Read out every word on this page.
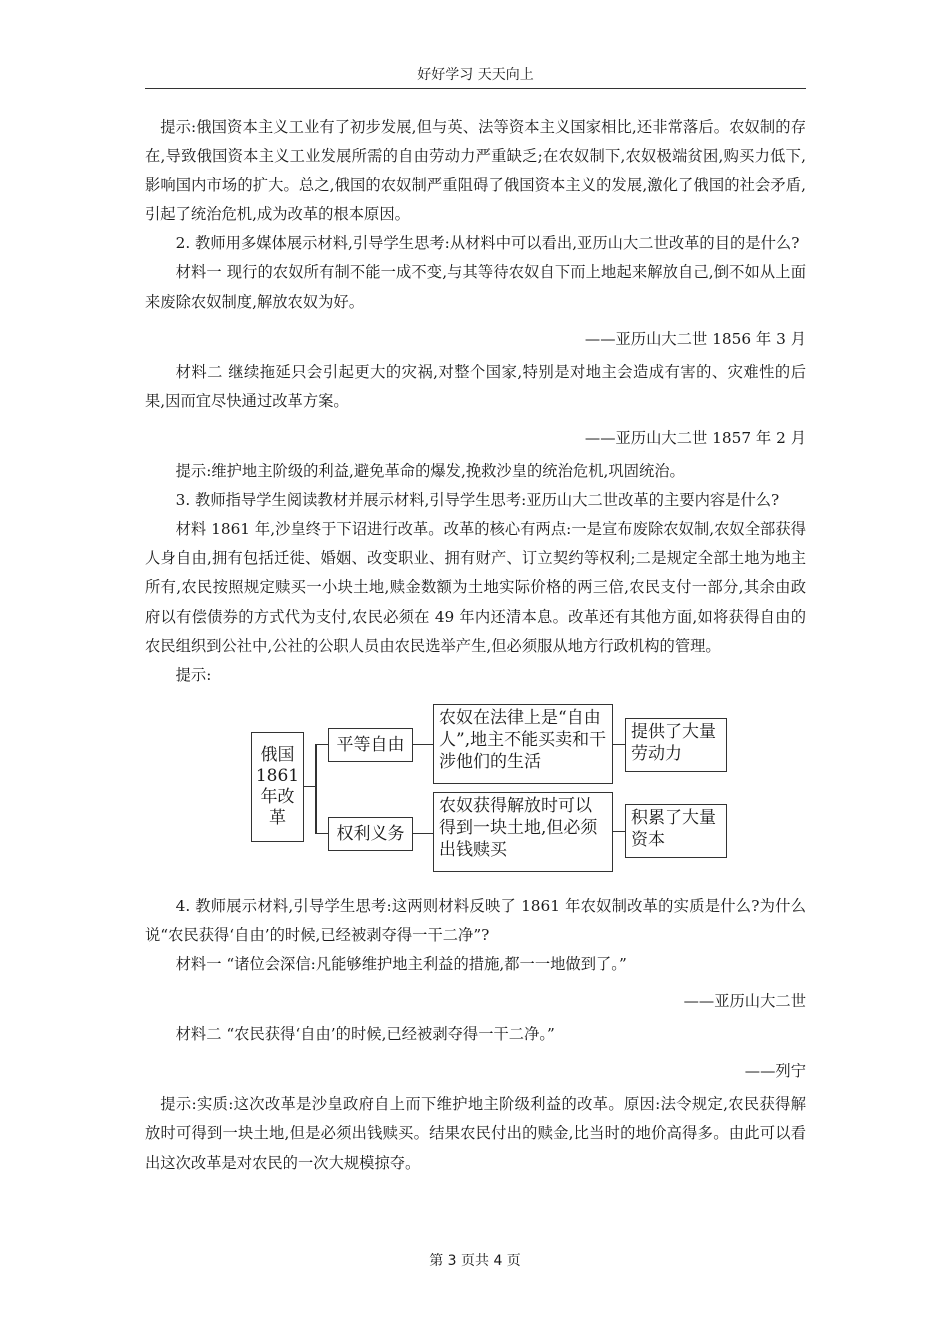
好好学习 天天向上

提示:俄国资本主义工业有了初步发展,但与英、法等资本主义国家相比,还非常落后。农奴制的存在,导致俄国资本主义工业发展所需的自由劳动力严重缺乏;在农奴制下,农奴极端贫困,购买力低下,影响国内市场的扩大。总之,俄国的农奴制严重阻碍了俄国资本主义的发展,激化了俄国的社会矛盾,引起了统治危机,成为改革的根本原因。

2. 教师用多媒体展示材料,引导学生思考:从材料中可以看出,亚历山大二世改革的目的是什么?

材料一 现行的农奴所有制不能一成不变,与其等待农奴自下而上地起来解放自己,倒不如从上面来废除农奴制度,解放农奴为好。

——亚历山大二世 1856 年 3 月

材料二 继续拖延只会引起更大的灾祸,对整个国家,特别是对地主会造成有害的、灾难性的后果,因而宜尽快通过改革方案。

——亚历山大二世 1857 年 2 月

提示:维护地主阶级的利益,避免革命的爆发,挽救沙皇的统治危机,巩固统治。

3. 教师指导学生阅读教材并展示材料,引导学生思考:亚历山大二世改革的主要内容是什么?

材料 1861 年,沙皇终于下诏进行改革。改革的核心有两点:一是宣布废除农奴制,农奴全部获得人身自由,拥有包括迁徙、婚姻、改变职业、拥有财产、订立契约等权利;二是规定全部土地为地主所有,农民按照规定赎买一小块土地,赎金数额为土地实际价格的两三倍,农民支付一部分,其余由政府以有偿债券的方式代为支付,农民必须在 49 年内还清本息。改革还有其他方面,如将获得自由的农民组织到公社中,公社的公职人员由农民选举产生,但必须服从地方行政机构的管理。

提示:

俄国 1861 年改革
平等自由
权利义务
农奴在法律上是“自由人”,地主不能买卖和干涉他们的生活
农奴获得解放时可以得到一块土地,但必须出钱赎买
提供了大量劳动力
积累了大量资本

4. 教师展示材料,引导学生思考:这两则材料反映了 1861 年农奴制改革的实质是什么?为什么说“农民获得‘自由’的时候,已经被剥夺得一干二净”?

材料一 “诸位会深信:凡能够维护地主利益的措施,都一一地做到了。”

——亚历山大二世

材料二 “农民获得‘自由’的时候,已经被剥夺得一干二净。”

——列宁

提示:实质:这次改革是沙皇政府自上而下维护地主阶级利益的改革。原因:法令规定,农民获得解放时可得到一块土地,但是必须出钱赎买。结果农民付出的赎金,比当时的地价高得多。由此可以看出这次改革是对农民的一次大规模掠夺。

第 3 页共 4 页
